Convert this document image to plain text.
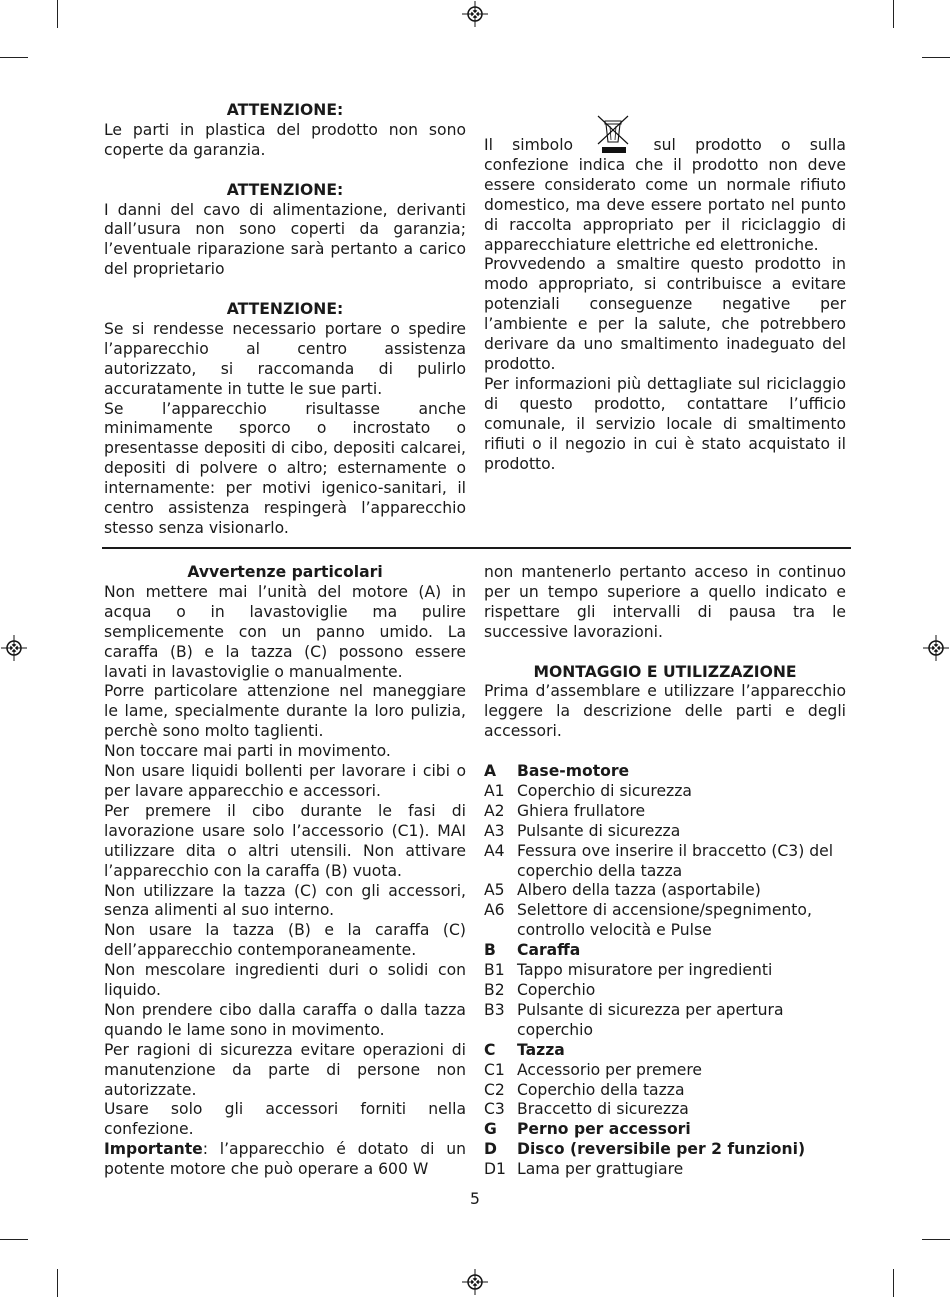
ATTENZIONE:

Le parti in plastica del prodotto non sono coperte da garanzia.

ATTENZIONE:

I danni del cavo di alimentazione, derivanti dall’usura non sono coperti da garanzia; l’eventuale riparazione sarà pertanto a carico del proprietario

ATTENZIONE:

Se si rendesse necessario portare o spedire l’apparecchio al centro assistenza autorizzato, si raccomanda di pulirlo accuratamente in tutte le sue parti.

Se l’apparecchio risultasse anche minimamente sporco o incrostato o presentasse depositi di cibo, depositi calcarei, depositi di polvere o altro; esternamente o internamente: per motivi igenico-sanitari, il centro assistenza respingerà l’apparecchio stesso senza visionarlo.

Il simbolo	sul prodotto o sulla confezione indica che il prodotto non deve essere considerato come un normale rifiuto domestico, ma deve essere portato nel punto di raccolta appropriato per il riciclaggio di apparecchiature elettriche ed elettroniche.

Provvedendo a smaltire questo prodotto in modo appropriato, si contribuisce a evitare potenziali conseguenze negative per l’ambiente e per la salute, che potrebbero derivare da uno smaltimento inadeguato del prodotto.

Per informazioni più dettagliate sul riciclaggio di questo prodotto, contattare l’ufficio comunale, il servizio locale di smaltimento rifiuti o il negozio in cui è stato acquistato il prodotto.

Avvertenze particolari

Non mettere mai l’unità del motore (A) in acqua o in lavastoviglie ma pulire semplicemente con un panno umido. La caraffa (B) e la tazza (C) possono essere lavati in lavastoviglie o manualmente.

Porre particolare attenzione nel maneggiare le lame, specialmente durante la loro pulizia, perchè sono molto taglienti.

Non toccare mai parti in movimento.

Non usare liquidi bollenti per lavorare i cibi o per lavare apparecchio e accessori.

Per premere il cibo durante le fasi di lavorazione usare solo l’accessorio (C1). MAI utilizzare dita o altri utensili. Non attivare l’apparecchio con la caraffa (B) vuota.

Non utilizzare la tazza (C) con gli accessori, senza alimenti al suo interno.

Non usare la tazza (B) e la caraffa (C) dell’apparecchio contemporaneamente.

Non mescolare ingredienti duri o solidi con liquido.

Non prendere cibo dalla caraffa o dalla tazza quando le lame sono in movimento.

Per ragioni di sicurezza evitare operazioni di manutenzione da parte di persone non autorizzate.

Usare solo gli accessori forniti nella confezione.

Importante: l’apparecchio é dotato di un potente motore che può operare a 600 W

non mantenerlo pertanto acceso in continuo per un tempo superiore a quello indicato e rispettare gli intervalli di pausa tra le successive lavorazioni.

MONTAGGIO E UTILIZZAZIONE

Prima d’assemblare e utilizzare l’apparecchio leggere la descrizione delle parti e degli accessori.

A	Base-motore
A1 Coperchio di sicurezza
A2 Ghiera frullatore
A3 Pulsante di sicurezza
A4 Fessura ove inserire il braccetto (C3) del coperchio della tazza
A5 Albero della tazza (asportabile)
A6 Selettore di accensione/spegnimento, controllo velocità e Pulse
B	Caraffa
B1 Tappo misuratore per ingredienti
B2 Coperchio
B3 Pulsante di sicurezza per apertura coperchio
C	Tazza
C1 Accessorio per premere
C2 Coperchio della tazza
C3 Braccetto di sicurezza
G	Perno per accessori
D	Disco (reversibile per 2 funzioni)
D1 Lama per grattugiare
5
